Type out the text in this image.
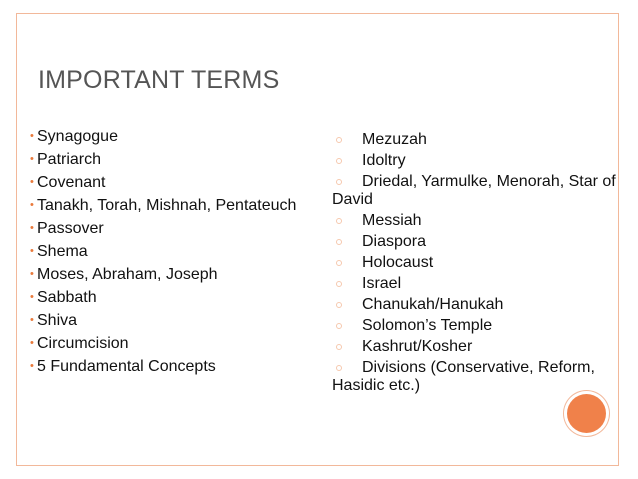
IMPORTANT TERMS
• Synagogue
• Patriarch
• Covenant
• Tanakh, Torah, Mishnah, Pentateuch
• Passover
• Shema
• Moses, Abraham, Joseph
• Sabbath
• Shiva
• Circumcision
• 5 Fundamental Concepts
Mezuzah
Idoltry
Driedal, Yarmulke, Menorah, Star of David
Messiah
Diaspora
Holocaust
Israel
Chanukah/Hanukah
Solomon’s Temple
Kashrut/Kosher
Divisions (Conservative, Reform, Hasidic etc.)
